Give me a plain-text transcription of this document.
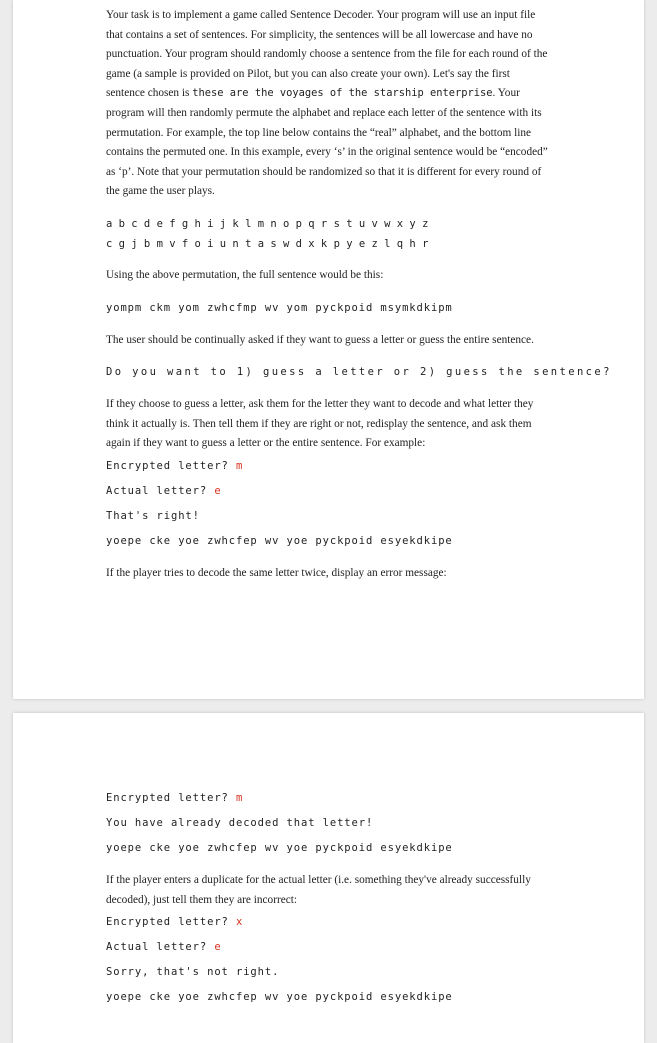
Your task is to implement a game called Sentence Decoder. Your program will use an input file that contains a set of sentences. For simplicity, the sentences will be all lowercase and have no punctuation. Your program should randomly choose a sentence from the file for each round of the game (a sample is provided on Pilot, but you can also create your own). Let's say the first sentence chosen is these are the voyages of the starship enterprise. Your program will then randomly permute the alphabet and replace each letter of the sentence with its permutation. For example, the top line below contains the “real” alphabet, and the bottom line contains the permuted one. In this example, every ‘s’ in the original sentence would be “encoded” as ‘p’. Note that your permutation should be randomized so that it is different for every round of the game the user plays.

a b c d e f g h i j k l m n o p q r s t u v w x y z
c g j b m v f o i u n t a s w d x k p y e z l q h r

Using the above permutation, the full sentence would be this:

yompm ckm yom zwhcfmp wv yom pyckpoid msymkdkipm

The user should be continually asked if they want to guess a letter or guess the entire sentence.

Do you want to 1) guess a letter or 2) guess the sentence?

If they choose to guess a letter, ask them for the letter they want to decode and what letter they think it actually is. Then tell them if they are right or not, redisplay the sentence, and ask them again if they want to guess a letter or the entire sentence. For example:

Encrypted letter? m
Actual letter? e
That's right!
yoepe cke yoe zwhcfep wv yoe pyckpoid esyekdkipe

If the player tries to decode the same letter twice, display an error message:

Encrypted letter? m
You have already decoded that letter!
yoepe cke yoe zwhcfep wv yoe pyckpoid esyekdkipe

If the player enters a duplicate for the actual letter (i.e. something they've already successfully decoded), just tell them they are incorrect:

Encrypted letter? x
Actual letter? e
Sorry, that's not right.
yoepe cke yoe zwhcfep wv yoe pyckpoid esyekdkipe
